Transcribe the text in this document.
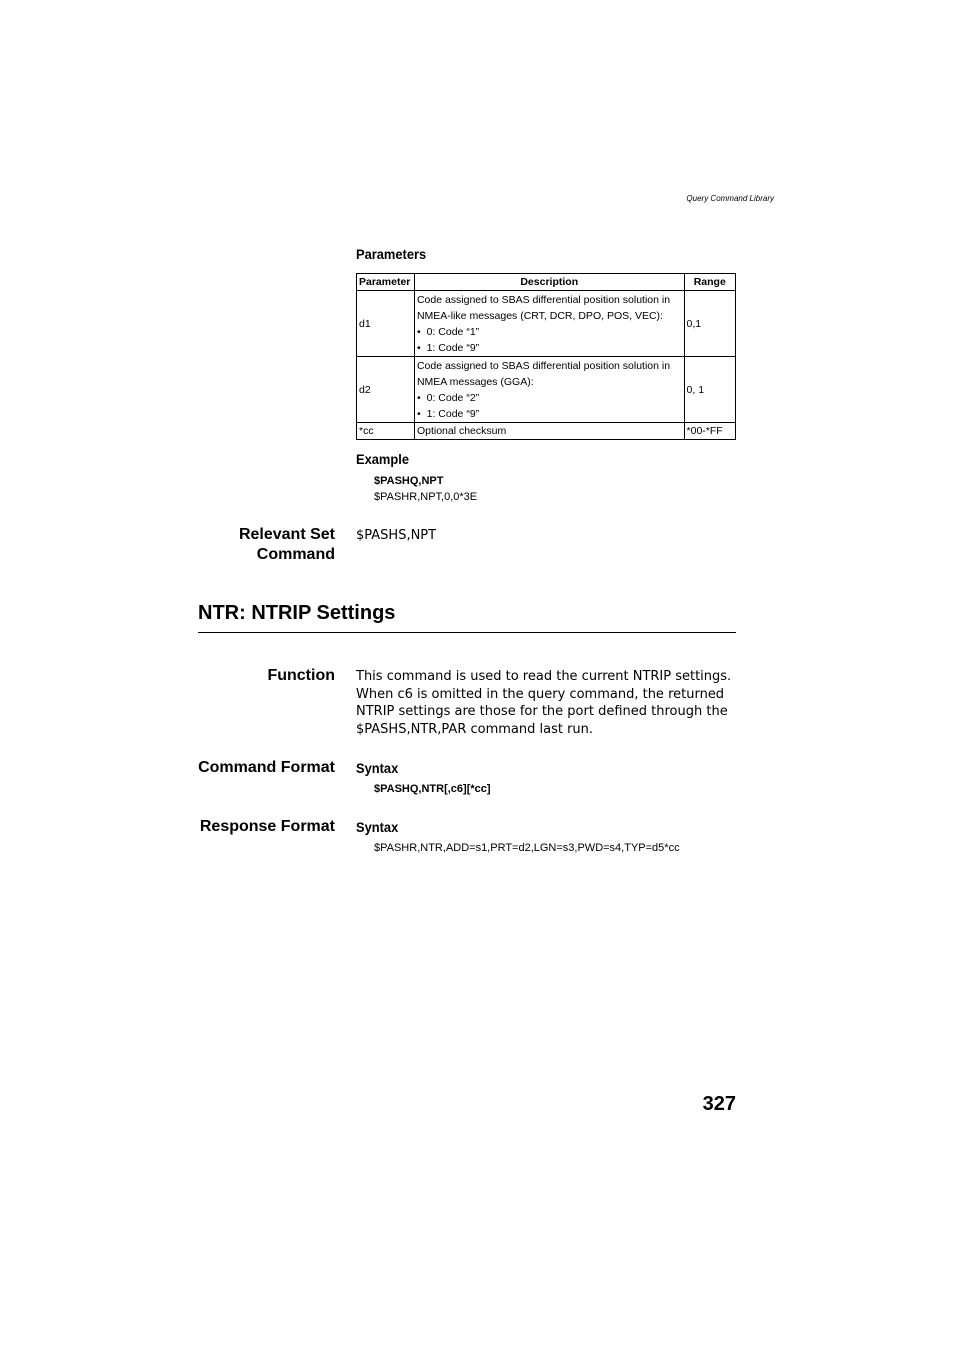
Query Command Library
Parameters
Parameter	Description	Range
d1	Code assigned to SBAS differential position solution in
NMEA-like messages (CRT, DCR, DPO, POS, VEC):
• 0: Code “1”
• 1: Code “9”	0,1
d2	Code assigned to SBAS differential position solution in
NMEA messages (GGA):
• 0: Code “2”
• 1: Code “9”	0, 1
*cc	Optional checksum	*00-*FF
Example
$PASHQ,NPT
$PASHR,NPT,0,0*3E
Relevant Set
Command
$PASHS,NPT
NTR: NTRIP Settings
Function This command is used to read the current NTRIP settings.
When c6 is omitted in the query command, the returned
NTRIP settings are those for the port defined through the
$PASHS,NTR,PAR command last run.
Command Format Syntax
$PASHQ,NTR[,c6][*cc]
Response Format Syntax
$PASHR,NTR,ADD=s1,PRT=d2,LGN=s3,PWD=s4,TYP=d5*cc
327
